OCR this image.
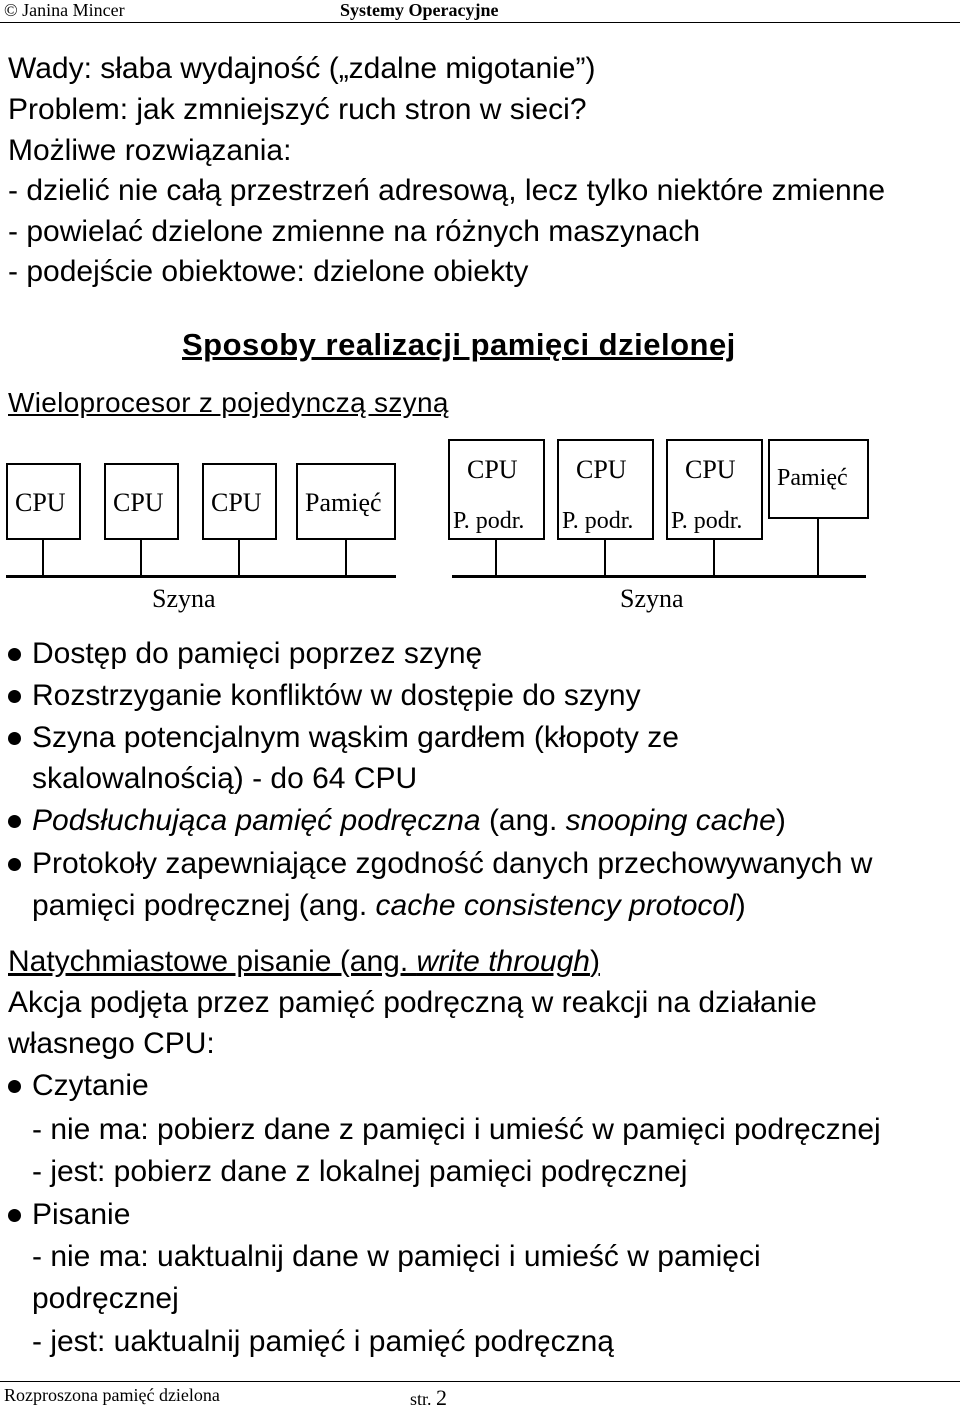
© Janina Mincer	Systemy Operacyjne
Wady: słaba wydajność („zdalne migotanie”)
Problem: jak zmniejszyć ruch stron w sieci?
Możliwe rozwiązania:
- dzielić nie całą przestrzeń adresową, lecz tylko niektóre zmienne
- powielać dzielone zmienne na różnych maszynach
- podejście obiektowe: dzielone obiekty
Sposoby realizacji pamięci dzielonej
Wieloprocesor z pojedynczą szyną
CPU CPU CPU Pamięć
Szyna
CPU
P. podr.
CPU
P. podr.
CPU
P. podr.
Pamięć
Szyna
Dostęp do pamięci poprzez szynę
Rozstrzyganie konfliktów w dostępie do szyny
Szyna potencjalnym wąskim gardłem (kłopoty ze
skalowalnością) - do 64 CPU
Podsłuchująca pamięć podręczna (ang. snooping cache)
Protokoły zapewniające zgodność danych przechowywanych w
pamięci podręcznej (ang. cache consistency protocol)
Natychmiastowe pisanie (ang. write through)
Akcja podjęta przez pamięć podręczną w reakcji na działanie
własnego CPU:
Czytanie
- nie ma: pobierz dane z pamięci i umieść w pamięci podręcznej
- jest: pobierz dane z lokalnej pamięci podręcznej
Pisanie
- nie ma: uaktualnij dane w pamięci i umieść w pamięci
podręcznej
- jest: uaktualnij pamięć i pamięć podręczną
Rozproszona pamięć dzielona	str. 2
